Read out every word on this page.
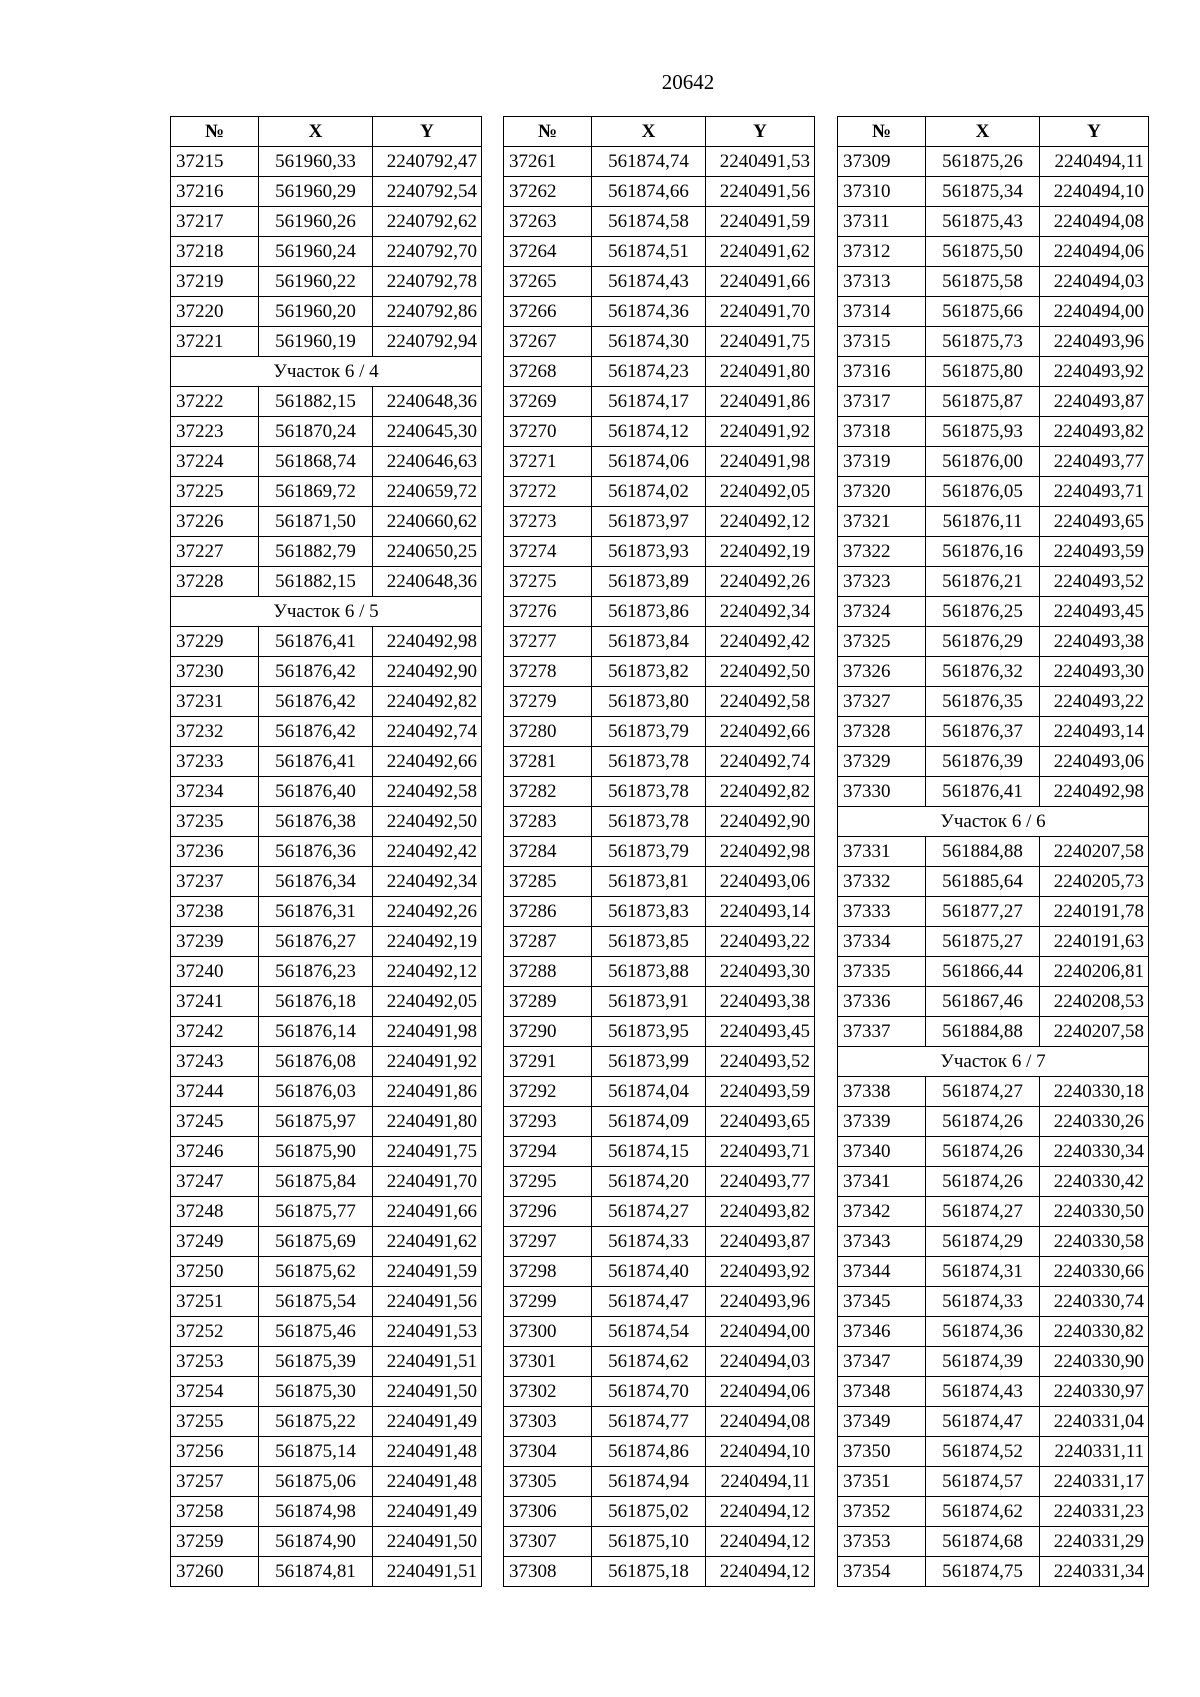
20642
№	X	Y
37215	561960,33	2240792,47
37216	561960,29	2240792,54
37217	561960,26	2240792,62
37218	561960,24	2240792,70
37219	561960,22	2240792,78
37220	561960,20	2240792,86
37221	561960,19	2240792,94
Участок 6 / 4		
37222	561882,15	2240648,36
37223	561870,24	2240645,30
37224	561868,74	2240646,63
37225	561869,72	2240659,72
37226	561871,50	2240660,62
37227	561882,79	2240650,25
37228	561882,15	2240648,36
Участок 6 / 5		
37229	561876,41	2240492,98
37230	561876,42	2240492,90
37231	561876,42	2240492,82
37232	561876,42	2240492,74
37233	561876,41	2240492,66
37234	561876,40	2240492,58
37235	561876,38	2240492,50
37236	561876,36	2240492,42
37237	561876,34	2240492,34
37238	561876,31	2240492,26
37239	561876,27	2240492,19
37240	561876,23	2240492,12
37241	561876,18	2240492,05
37242	561876,14	2240491,98
37243	561876,08	2240491,92
37244	561876,03	2240491,86
37245	561875,97	2240491,80
37246	561875,90	2240491,75
37247	561875,84	2240491,70
37248	561875,77	2240491,66
37249	561875,69	2240491,62
37250	561875,62	2240491,59
37251	561875,54	2240491,56
37252	561875,46	2240491,53
37253	561875,39	2240491,51
37254	561875,30	2240491,50
37255	561875,22	2240491,49
37256	561875,14	2240491,48
37257	561875,06	2240491,48
37258	561874,98	2240491,49
37259	561874,90	2240491,50
37260	561874,81	2240491,51
№	X	Y
37261	561874,74	2240491,53
37262	561874,66	2240491,56
37263	561874,58	2240491,59
37264	561874,51	2240491,62
37265	561874,43	2240491,66
37266	561874,36	2240491,70
37267	561874,30	2240491,75
37268	561874,23	2240491,80
37269	561874,17	2240491,86
37270	561874,12	2240491,92
37271	561874,06	2240491,98
37272	561874,02	2240492,05
37273	561873,97	2240492,12
37274	561873,93	2240492,19
37275	561873,89	2240492,26
37276	561873,86	2240492,34
37277	561873,84	2240492,42
37278	561873,82	2240492,50
37279	561873,80	2240492,58
37280	561873,79	2240492,66
37281	561873,78	2240492,74
37282	561873,78	2240492,82
37283	561873,78	2240492,90
37284	561873,79	2240492,98
37285	561873,81	2240493,06
37286	561873,83	2240493,14
37287	561873,85	2240493,22
37288	561873,88	2240493,30
37289	561873,91	2240493,38
37290	561873,95	2240493,45
37291	561873,99	2240493,52
37292	561874,04	2240493,59
37293	561874,09	2240493,65
37294	561874,15	2240493,71
37295	561874,20	2240493,77
37296	561874,27	2240493,82
37297	561874,33	2240493,87
37298	561874,40	2240493,92
37299	561874,47	2240493,96
37300	561874,54	2240494,00
37301	561874,62	2240494,03
37302	561874,70	2240494,06
37303	561874,77	2240494,08
37304	561874,86	2240494,10
37305	561874,94	2240494,11
37306	561875,02	2240494,12
37307	561875,10	2240494,12
37308	561875,18	2240494,12
№	X	Y
37309	561875,26	2240494,11
37310	561875,34	2240494,10
37311	561875,43	2240494,08
37312	561875,50	2240494,06
37313	561875,58	2240494,03
37314	561875,66	2240494,00
37315	561875,73	2240493,96
37316	561875,80	2240493,92
37317	561875,87	2240493,87
37318	561875,93	2240493,82
37319	561876,00	2240493,77
37320	561876,05	2240493,71
37321	561876,11	2240493,65
37322	561876,16	2240493,59
37323	561876,21	2240493,52
37324	561876,25	2240493,45
37325	561876,29	2240493,38
37326	561876,32	2240493,30
37327	561876,35	2240493,22
37328	561876,37	2240493,14
37329	561876,39	2240493,06
37330	561876,41	2240492,98
Участок 6 / 6		
37331	561884,88	2240207,58
37332	561885,64	2240205,73
37333	561877,27	2240191,78
37334	561875,27	2240191,63
37335	561866,44	2240206,81
37336	561867,46	2240208,53
37337	561884,88	2240207,58
Участок 6 / 7		
37338	561874,27	2240330,18
37339	561874,26	2240330,26
37340	561874,26	2240330,34
37341	561874,26	2240330,42
37342	561874,27	2240330,50
37343	561874,29	2240330,58
37344	561874,31	2240330,66
37345	561874,33	2240330,74
37346	561874,36	2240330,82
37347	561874,39	2240330,90
37348	561874,43	2240330,97
37349	561874,47	2240331,04
37350	561874,52	2240331,11
37351	561874,57	2240331,17
37352	561874,62	2240331,23
37353	561874,68	2240331,29
37354	561874,75	2240331,34
